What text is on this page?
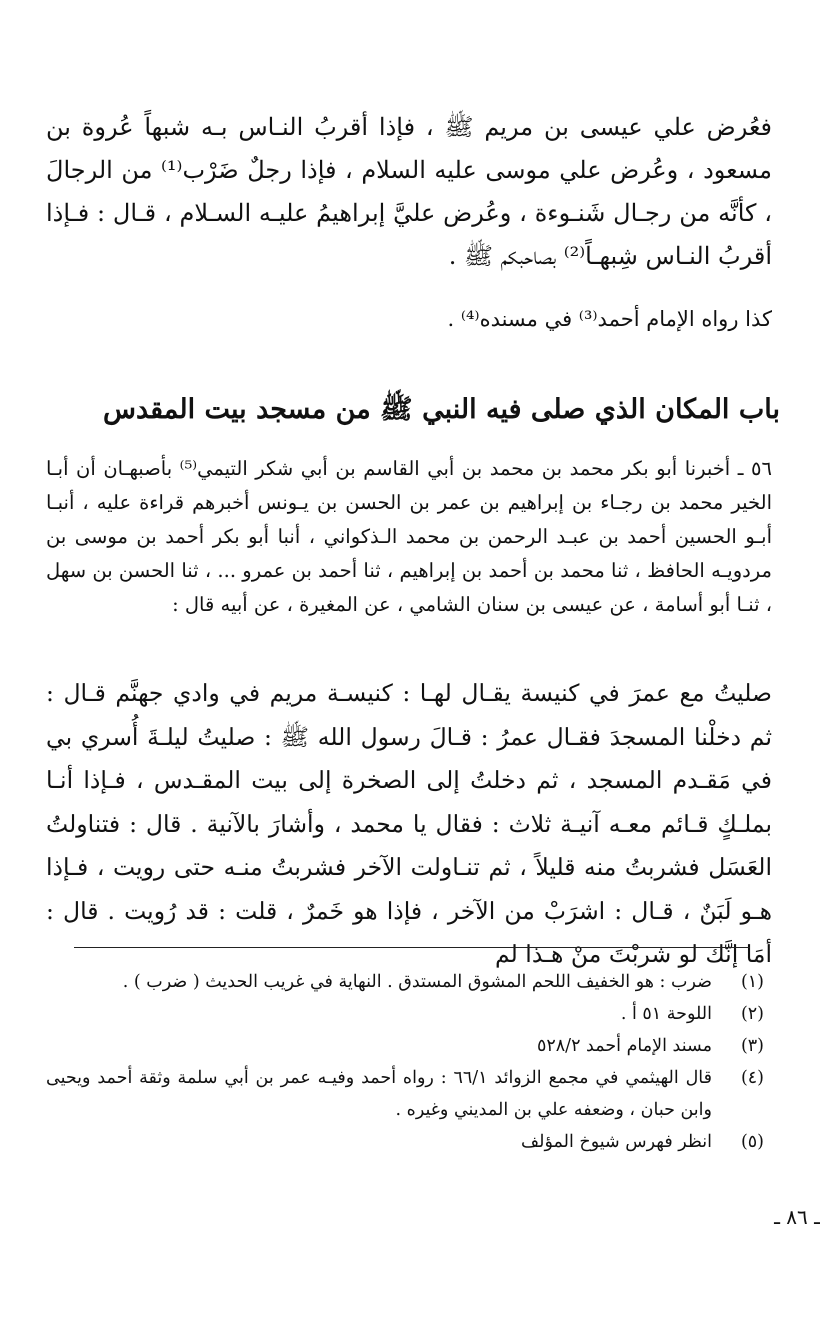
فعُرض علي عيسى بن مريم ﷺ ، فإذا أقربُ النـاس بـه شبهاً عُروة بن مسعود ، وعُرض علي موسى عليه السلام ، فإذا رجلٌ ضَرْب⁽¹⁾ من الرجالَ ، كأنَّه من رجـال شَنـوءة ، وعُرض عليَّ إبراهيمُ عليـه السـلام ، قـال : فـإذا أقربُ النـاس شِبهـاً⁽²⁾ بصاحبكم ﷺ .

كذا رواه الإمام أحمد⁽³⁾ في مسنده⁽⁴⁾ .

باب المكان الذي صلى فيه النبي ﷺ من مسجد بيت المقدس

٥٦ ـ أخبرنا أبو بكر محمد بن محمد بن أبي القاسم بن أبي شكر التيمي⁽⁵⁾ بأصبهـان أن أبـا الخير محمد بن رجـاء بن إبراهيم بن عمر بن الحسن بن يـونس أخبرهم قراءة عليه ، أنبـا أبـو الحسين أحمد بن عبـد الرحمن بن محمد الـذكواني ، أنبا أبو بكر أحمد بن موسى بن مردويـه الحافظ ، ثنا محمد بن أحمد بن إبراهيم ، ثنا أحمد بن عمرو ... ، ثنا الحسن بن سهل ، ثنـا أبو أسامة ، عن عيسى بن سنان الشامي ، عن المغيرة ، عن أبيه قال :

صليتُ مع عمرَ في كنيسة يقـال لهـا : كنيسـة مريم في وادي جهنَّم قـال : ثم دخلْنا المسجدَ فقـال عمرُ : قـالَ رسول الله ﷺ : صليتُ ليلـةَ أُسري بي في مَقـدم المسجد ، ثم دخلتُ إلى الصخرة إلى بيت المقـدس ، فـإذا أنـا بملـكٍ قـائم معـه آنيـة ثلاث : فقال يا محمد ، وأشارَ بالآنية . قال : فتناولتُ العَسَل فشربتُ منه قليلاً ، ثم تنـاولت الآخر فشربتُ منـه حتى رويت ، فـإذا هـو لَبَنٌ ، قـال : اشرَبْ من الآخر ، فإذا هو خَمرٌ ، قلت : قد رُويت . قال : أمَا إنَّك لو شربْتَ منْ هـذا لم

(١)
ضرب : هو الخفيف اللحم المشوق المستدق . النهاية في غريب الحديث ( ضرب ) .
(٢)
اللوحة ٥١ أ .
(٣)
مسند الإمام أحمد ٥٢٨/٢
(٤)
قال الهيثمي في مجمع الزوائد ٦٦/١ : رواه أحمد وفيـه عمر بن أبي سلمة وثقة أحمد ويحيى وابن حبان ، وضعفه علي بن المديني وغيره .
(٥)
انظر فهرس شيوخ المؤلف
ـ ٨٦ ـ
